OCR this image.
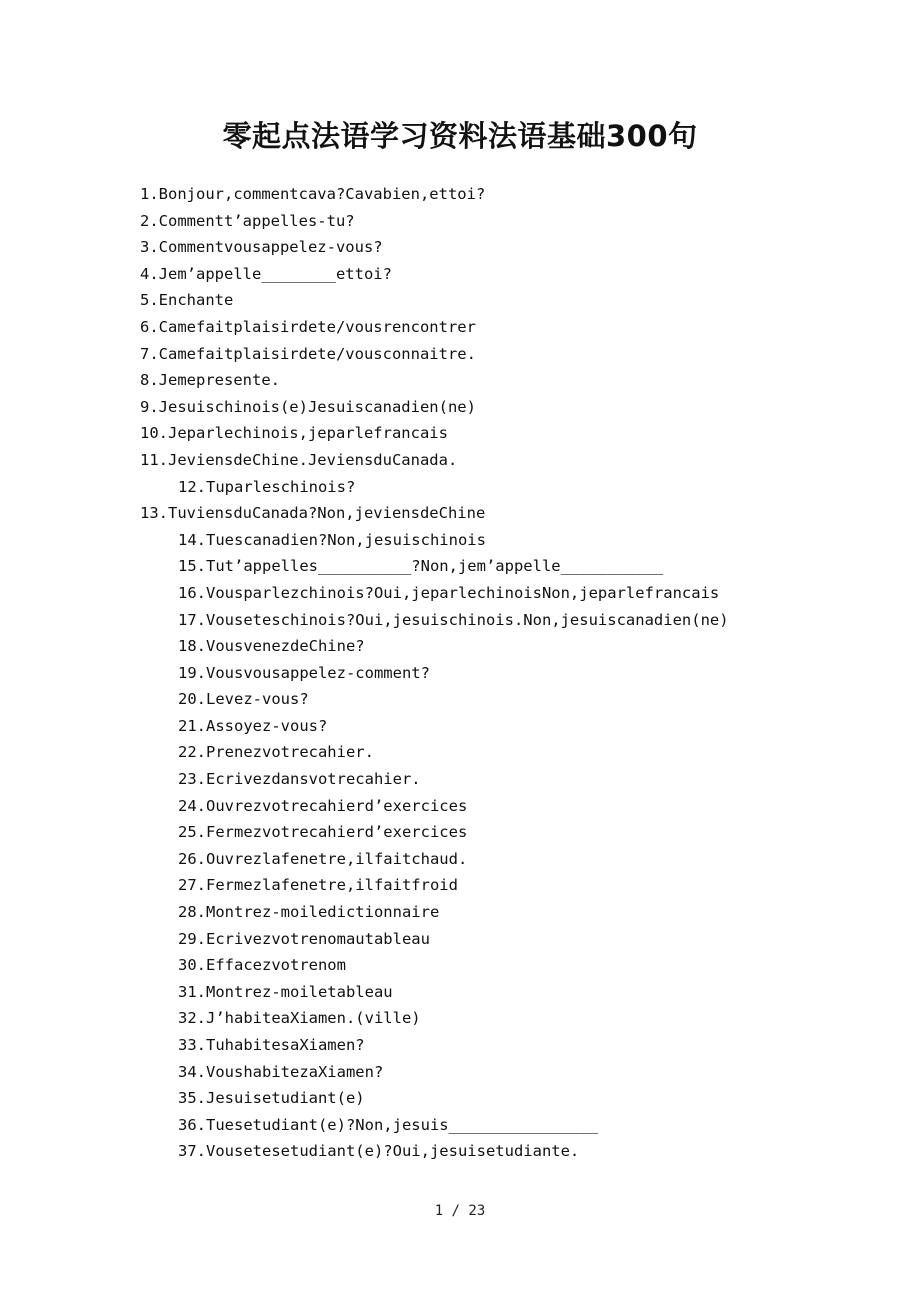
零起点法语学习资料法语基础300句
1.Bonjour,commentcava?Cavabien,ettoi?
2.Commentt’appelles-tu?
3.Commentvousappelez-vous?
4.Jem’appelle________ettoi?
5.Enchante
6.Camefaitplaisirdete/vousrencontrer
7.Camefaitplaisirdete/vousconnaitre.
8.Jemepresente.
9.Jesuischinois(e)Jesuiscanadien(ne)
10.Jeparlechinois,jeparlefrancais
11.JeviensdeChine.JeviensduCanada.
12.Tuparleschinois?
13.TuviensduCanada?Non,jeviensdeChine
14.Tuescanadien?Non,jesuischinois
15.Tut’appelles__________?Non,jem’appelle___________
16.Vousparlezchinois?Oui,jeparlechinoisNon,jeparlefrancais
17.Vouseteschinois?Oui,jesuischinois.Non,jesuiscanadien(ne)
18.VousvenezdeChine?
19.Vousvousappelez-comment?
20.Levez-vous?
21.Assoyez-vous?
22.Prenezvotrecahier.
23.Ecrivezdansvotrecahier.
24.Ouvrezvotrecahierd’exercices
25.Fermezvotrecahierd’exercices
26.Ouvrezlafenetre,ilfaitchaud.
27.Fermezlafenetre,ilfaitfroid
28.Montrez-moiledictionnaire
29.Ecrivezvotrenomautableau
30.Effacezvotrenom
31.Montrez-moiletableau
32.J’habiteaXiamen.(ville)
33.TuhabitesaXiamen?
34.VoushabitezaXiamen?
35.Jesuisetudiant(e)
36.Tuesetudiant(e)?Non,jesuis________________
37.Vousetesetudiant(e)?Oui,jesuisetudiante.
1 / 23
